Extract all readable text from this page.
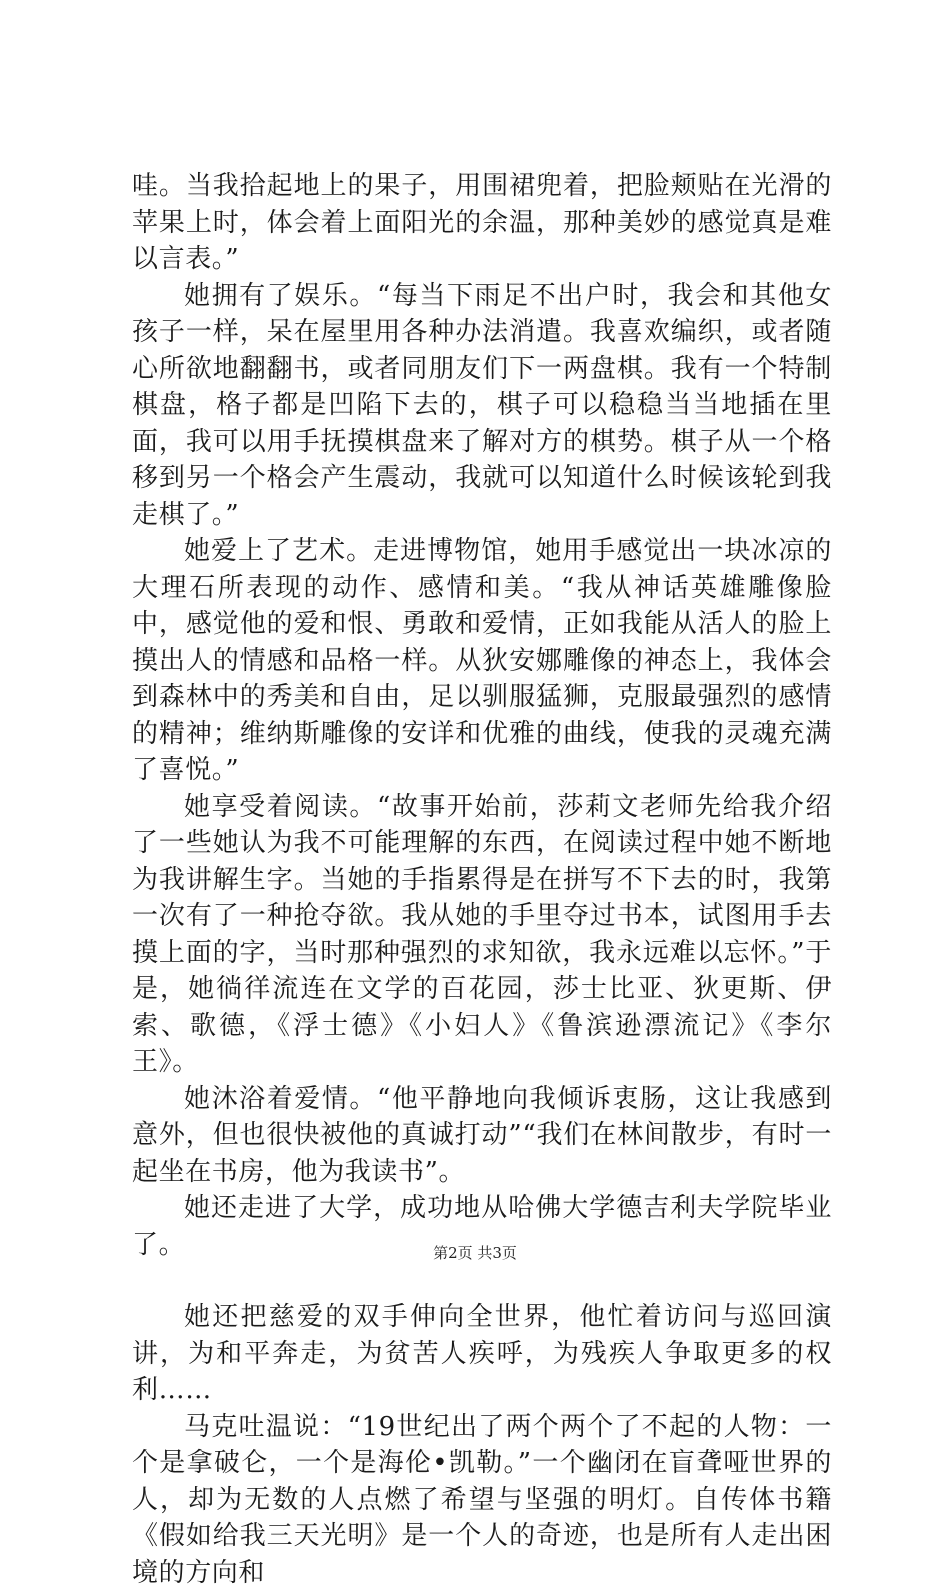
哇。当我拾起地上的果子，用围裙兜着，把脸颊贴在光滑的苹果上时，体会着上面阳光的余温，那种美妙的感觉真是难以言表。”

她拥有了娱乐。“每当下雨足不出户时，我会和其他女孩子一样，呆在屋里用各种办法消遣。我喜欢编织，或者随心所欲地翻翻书，或者同朋友们下一两盘棋。我有一个特制棋盘，格子都是凹陷下去的，棋子可以稳稳当当地插在里面，我可以用手抚摸棋盘来了解对方的棋势。棋子从一个格移到另一个格会产生震动，我就可以知道什么时候该轮到我走棋了。”

她爱上了艺术。走进博物馆，她用手感觉出一块冰凉的大理石所表现的动作、感情和美。“我从神话英雄雕像脸中，感觉他的爱和恨、勇敢和爱情，正如我能从活人的脸上摸出人的情感和品格一样。从狄安娜雕像的神态上，我体会到森林中的秀美和自由，足以驯服猛狮，克服最强烈的感情的精神；维纳斯雕像的安详和优雅的曲线，使我的灵魂充满了喜悦。”

她享受着阅读。“故事开始前，莎莉文老师先给我介绍了一些她认为我不可能理解的东西，在阅读过程中她不断地为我讲解生字。当她的手指累得是在拼写不下去的时，我第一次有了一种抢夺欲。我从她的手里夺过书本，试图用手去摸上面的字，当时那种强烈的求知欲，我永远难以忘怀。”于是，她徜徉流连在文学的百花园，莎士比亚、狄更斯、伊索、歌德，《浮士德》《小妇人》《鲁滨逊漂流记》《李尔王》。

她沐浴着爱情。“他平静地向我倾诉衷肠，这让我感到意外，但也很快被他的真诚打动”“我们在林间散步，有时一起坐在书房，他为我读书”。

她还走进了大学，成功地从哈佛大学德吉利夫学院毕业了。

她还把慈爱的双手伸向全世界，他忙着访问与巡回演讲，为和平奔走，为贫苦人疾呼，为残疾人争取更多的权利……

马克吐温说：“19世纪出了两个两个了不起的人物：一个是拿破仑，一个是海伦•凯勒。”一个幽闭在盲聋哑世界的人，却为无数的人点燃了希望与坚强的明灯。自传体书籍《假如给我三天光明》是一个人的奇迹，也是所有人走出困境的方向和

第2页 共3页
